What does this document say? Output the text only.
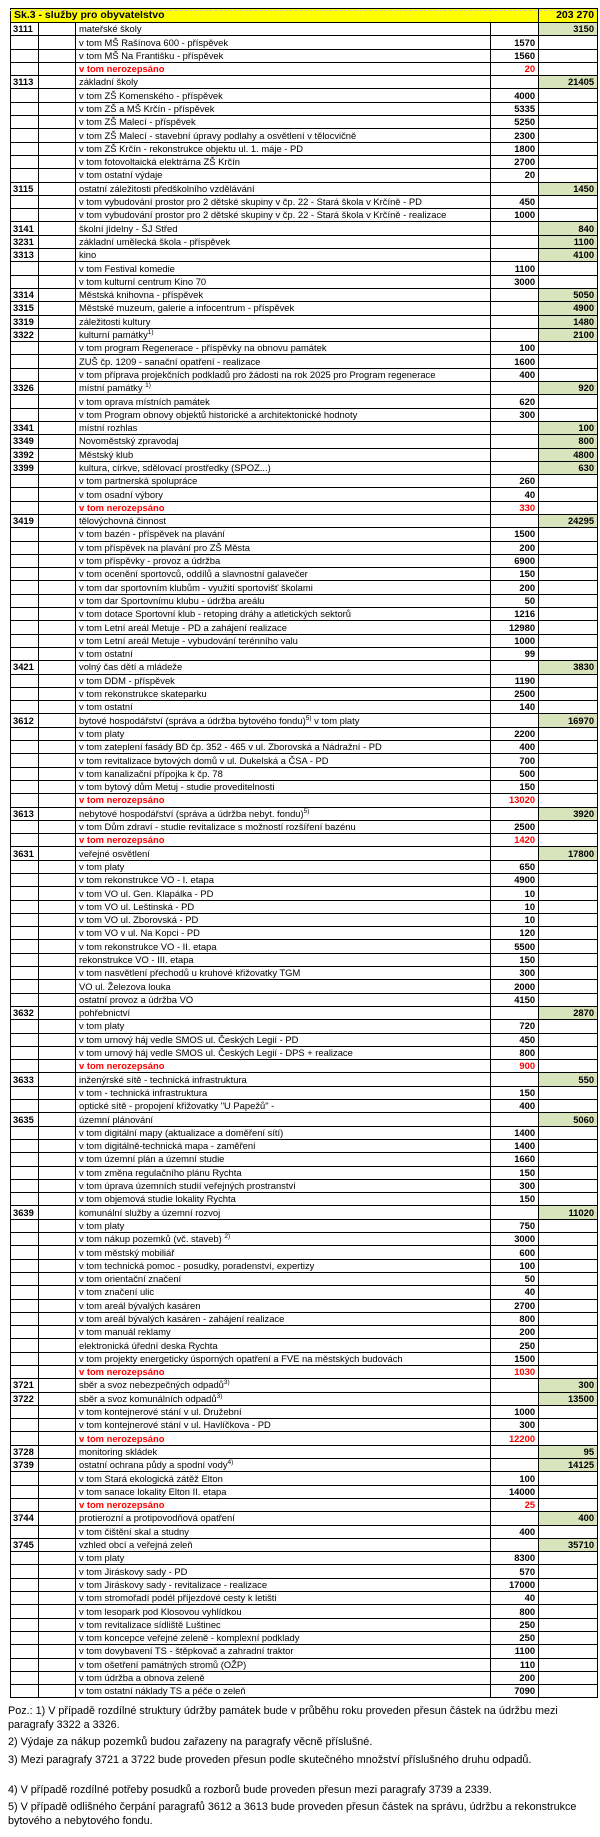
Sk.3 - služby pro obyvatelstvo				203 270
3111		mateřské školy		3150
		v tom MŠ Rašínova 600 - příspěvek	1570	
		v tom MŠ Na Františku - příspěvek	1560	
		v tom nerozepsáno	20	
3113		základní školy		21405
		v tom ZŠ Komenského - příspěvek	4000	
		v tom ZŠ a MŠ Krčín - příspěvek	5335	
		v tom ZŠ Malecí - příspěvek	5250	
		v tom ZŠ Malecí - stavební úpravy podlahy a osvětlení v tělocvičně	2300	
		v tom ZŠ Krčín - rekonstrukce objektu ul. 1. máje - PD	1800	
		v tom fotovoltaická elektrárna ZŠ Krčín	2700	
		v tom ostatní výdaje	20	
3115		ostatní záležitosti předškolního vzdělávání		1450
		v tom vybudování prostor pro 2 dětské skupiny v čp. 22 - Stará škola v Krčíně - PD	450	
		v tom vybudování prostor pro 2 dětské skupiny v čp. 22 - Stará škola v Krčíně - realizace	1000	
3141		školní jídelny - ŠJ Střed		840
3231		základní umělecká škola - příspěvek		1100
3313		kino		4100
		v tom Festival komedie	1100	
		v tom kulturní centrum Kino 70	3000	
3314		Městská knihovna - příspěvek		5050
3315		Městské muzeum, galerie a infocentrum - příspěvek		4900
3319		záležitosti kultury		1480
3322		kulturní památky$^{1)}$		2100
		v tom program Regenerace - příspěvky na obnovu památek	100	
		ZUŠ čp. 1209 - sanační opatření - realizace	1600	
		v tom příprava projekčních podkladů pro žádosti na rok 2025 pro Program regenerace	400	
3326		místní památky $^{1)}$		920
		v tom oprava místních památek	620	
		v tom Program obnovy objektů historické a architektonické hodnoty	300	
3341		místní rozhlas		100
3349		Novoměstský zpravodaj		800
3392		Městský klub		4800
3399		kultura, církve, sdělovací prostředky (SPOZ...)		630
		v tom partnerská spolupráce	260	
		v tom osadní výbory	40	
		v tom nerozepsáno	330	
3419		tělovýchovná činnost		24295
		v tom bazén - příspěvek na plavání	1500	
		v tom příspěvek na plavání pro ZŠ Města	200	
		v tom příspěvky - provoz a údržba	6900	
		v tom ocenění sportovců, oddílů a slavnostní galavečer	150	
		v tom dar sportovním klubům - využití sportovišť školami	200	
		v tom dar Sportovnímu klubu - údržba areálu	50	
		v tom dotace Sportovní klub - retoping dráhy a atletických sektorů	1216	
		v tom Letní areál Metuje - PD a zahájení realizace	12980	
		v tom Letní areál Metuje - vybudování terénního valu	1000	
		v tom ostatní	99	
3421		volný čas dětí a mládeže		3830
		v tom DDM - příspěvek	1190	
		v tom rekonstrukce skateparku	2500	
		v tom ostatní	140	
3612		bytové hospodářství (správa a údržba bytového fondu)$^{5)}$ v tom platy		16970
		v tom platy	2200	
		v tom zateplení fasády BD čp. 352 - 465 v ul. Zborovská a Nádražní - PD	400	
		v tom revitalizace bytových domů v ul. Dukelská a ČSA - PD	700	
		v tom kanalizační přípojka k čp. 78	500	
		v tom bytový dům Metuj - studie proveditelnosti	150	
		v tom nerozepsáno	13020	
3613		nebytové hospodářství (správa a údržba nebyt. fondu)$^{5)}$		3920
		v tom Dům zdraví - studie revitalizace s možností rozšíření bazénu	2500	
		v tom nerozepsáno	1420	
3631		veřejné osvětlení		17800
		v tom platy	650	
		v tom rekonstrukce VO - I. etapa	4900	
		v tom VO ul. Gen. Klapálka - PD	10	
		v tom VO ul. Leštinská - PD	10	
		v tom VO ul. Zborovská - PD	10	
		v tom VO v ul. Na Kopci - PD	120	
		v tom rekonstrukce VO - II. etapa	5500	
		rekonstrukce VO - III. etapa	150	
		v tom nasvětlení přechodů u kruhové křižovatky TGM	300	
		VO ul. Železova louka	2000	
		ostatní provoz a údržba VO	4150	
3632		pohřebnictví		2870
		v tom platy	720	
		v tom urnový háj vedle SMOS ul. Českých Legií - PD	450	
		v tom urnový háj vedle SMOS ul. Českých Legií - DPS + realizace	800	
		v tom nerozepsáno	900	
3633		inženýrské sítě - technická infrastruktura		550
		v tom - technická infrastruktura	150	
		optické sítě - propojení křižovatky "U Papežů" -	400	
3635		územní plánování		5060
		v tom digitální mapy (aktualizace a doměření sítí)	1400	
		v tom digitálně-technická mapa - zaměření	1400	
		v tom územní plán a územní studie	1660	
		v tom změna regulačního plánu Rychta	150	
		v tom úprava územních studií veřejných prostranství	300	
		v tom objemová studie lokality Rychta	150	
3639		komunální služby a územní rozvoj		11020
		v tom platy	750	
		v tom nákup pozemků (vč. staveb) $^{2)}$	3000	
		v tom městský mobiliář	600	
		v tom technická pomoc - posudky, poradenství, expertizy	100	
		v tom orientační značení	50	
		v tom značení ulic	40	
		v tom areál bývalých kasáren	2700	
		v tom areál bývalých kasáren - zahájení realizace	800	
		v tom manuál reklamy	200	
		elektronická úřední deska Rychta	250	
		v tom projekty energeticky úsporných opatření a FVE na městských budovách	1500	
		v tom nerozepsáno	1030	
3721		sběr a svoz nebezpečných odpadů$^{3)}$		300
3722		sběr a svoz komunálních odpadů$^{3)}$		13500
		v tom kontejnerové stání v ul. Družební	1000	
		v tom kontejnerové stání v ul. Havlíčkova - PD	300	
		v tom nerozepsáno	12200	
3728		monitoring skládek		95
3739		ostatní ochrana půdy a spodní vody$^{4)}$		14125
		v tom Stará ekologická zátěž Elton	100	
		v tom sanace lokality Elton II. etapa	14000	
		v tom nerozepsáno	25	
3744		protierozní a protipovodňová opatření		400
		v tom čištění skal a studny	400	
3745		vzhled obcí a veřejná zeleň		35710
		v tom platy	8300	
		v tom Jiráskovy sady - PD	570	
		v tom Jiráskovy sady - revitalizace - realizace	17000	
		v tom stromořadí podél příjezdové cesty k letišti	40	
		v tom lesopark pod Klosovou vyhlídkou	800	
		v tom revitalizace sídliště Luštinec	250	
		v tom koncepce veřejné zeleně - komplexní podklady	250	
		v tom dovybavení TS - štěpkovač a zahradní traktor	1100	
		v tom ošetření památných stromů (OŽP)	110	
		v tom údržba a obnova zeleně	200	
		v tom ostatní náklady TS a péče o zeleň	7090	

Poz.: 1) V případě rozdílné struktury údržby památek bude v průběhu roku proveden přesun částek na údržbu mezi paragrafy 3322 a 3326.

2) Výdaje za nákup pozemků budou zařazeny na paragrafy věcně příslušné.

3) Mezi paragrafy 3721 a 3722 bude proveden přesun podle skutečného množství příslušného druhu odpadů.

4) V případě rozdílné potřeby posudků a rozborů bude proveden přesun mezi paragrafy 3739 a 2339.

5) V případě odlišného čerpání paragrafů 3612 a 3613 bude proveden přesun částek na správu, údržbu a rekonstrukce bytového a nebytového fondu.
